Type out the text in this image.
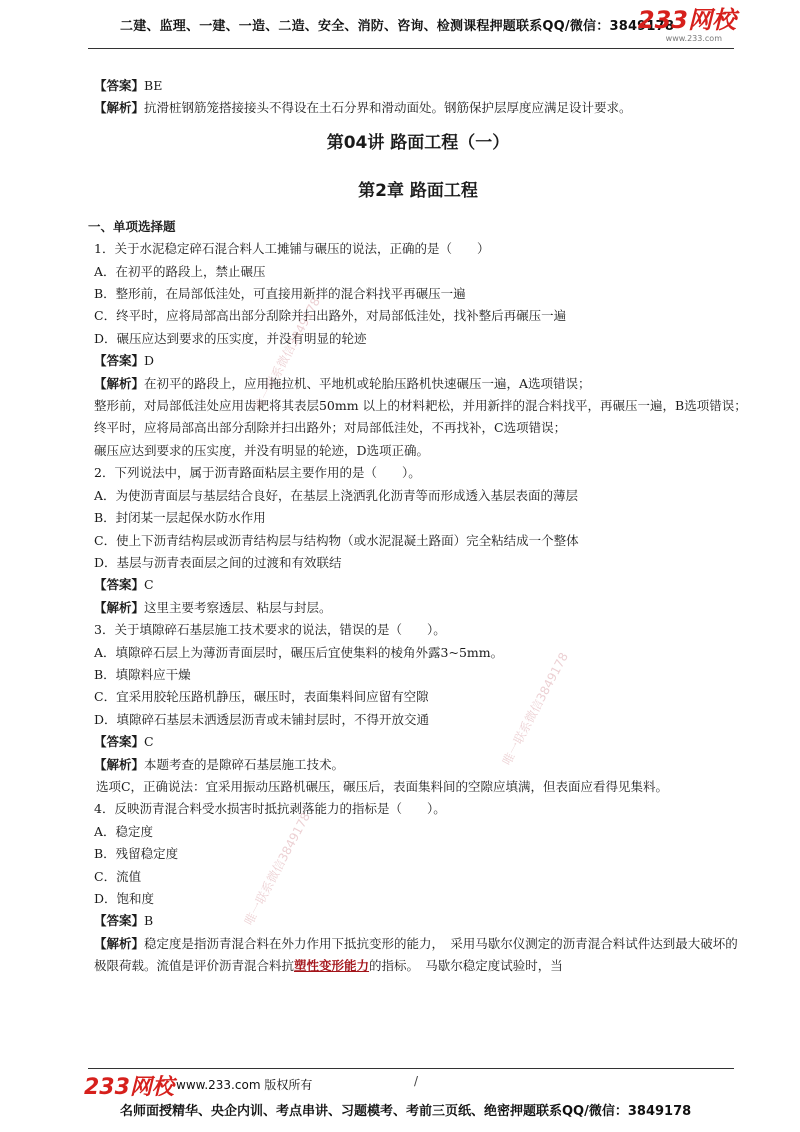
二建、监理、一建、一造、二造、安全、消防、咨询、检测课程押题联系QQ/微信：3849178
233网校
www.233.com
【答案】BE
【解析】抗滑桩钢筋笼搭接接头不得设在土石分界和滑动面处。钢筋保护层厚度应满足设计要求。
第04讲 路面工程（一）
第2章 路面工程
一、单项选择题
1．关于水泥稳定碎石混合料人工摊铺与碾压的说法，正确的是（　　）
A．在初平的路段上，禁止碾压
B．整形前，在局部低洼处，可直接用新拌的混合料找平再碾压一遍
C．终平时，应将局部高出部分刮除并扫出路外，对局部低洼处，找补整后再碾压一遍
D．碾压应达到要求的压实度，并没有明显的轮迹
【答案】D
【解析】在初平的路段上，应用拖拉机、平地机或轮胎压路机快速碾压一遍，A选项错误；
整形前，对局部低洼处应用齿耙将其表层50mm 以上的材料耙松，并用新拌的混合料找平，再碾压一遍，B选项错误；
终平时，应将局部高出部分刮除并扫出路外；对局部低洼处，不再找补，C选项错误；
碾压应达到要求的压实度，并没有明显的轮迹，D选项正确。
2．下列说法中，属于沥青路面粘层主要作用的是（　　）。
A．为使沥青面层与基层结合良好，在基层上浇洒乳化沥青等而形成透入基层表面的薄层
B．封闭某一层起保水防水作用
C．使上下沥青结构层或沥青结构层与结构物（或水泥混凝土路面）完全粘结成一个整体
D．基层与沥青表面层之间的过渡和有效联结
【答案】C
【解析】这里主要考察透层、粘层与封层。
3．关于填隙碎石基层施工技术要求的说法，错误的是（　　）。
A．填隙碎石层上为薄沥青面层时，碾压后宜使集料的棱角外露3~5mm。
B．填隙料应干燥
C．宜采用胶轮压路机静压，碾压时，表面集料间应留有空隙
D．填隙碎石基层未洒透层沥青或未铺封层时，不得开放交通
【答案】C
【解析】本题考查的是隙碎石基层施工技术。
选项C，正确说法：宜采用振动压路机碾压，碾压后，表面集料间的空隙应填满，但表面应看得见集料。
4．反映沥青混合料受水损害时抵抗剥落能力的指标是（　　）。
A．稳定度
B．残留稳定度
C．流值
D．饱和度
【答案】B
【解析】稳定度是指沥青混合料在外力作用下抵抗变形的能力，　采用马歇尔仪测定的沥青混合料试件达到最大破坏的极限荷载。流值是评价沥青混合料抗塑性变形能力的指标。　马歇尔稳定度试验时，当
唯一联系微信3849178
唯一联系微信3849178
唯一联系微信3849178
233网校 www.233.com 版权所有	/
名师面授精华、央企内训、考点串讲、习题模考、考前三页纸、绝密押题联系QQ/微信：3849178
